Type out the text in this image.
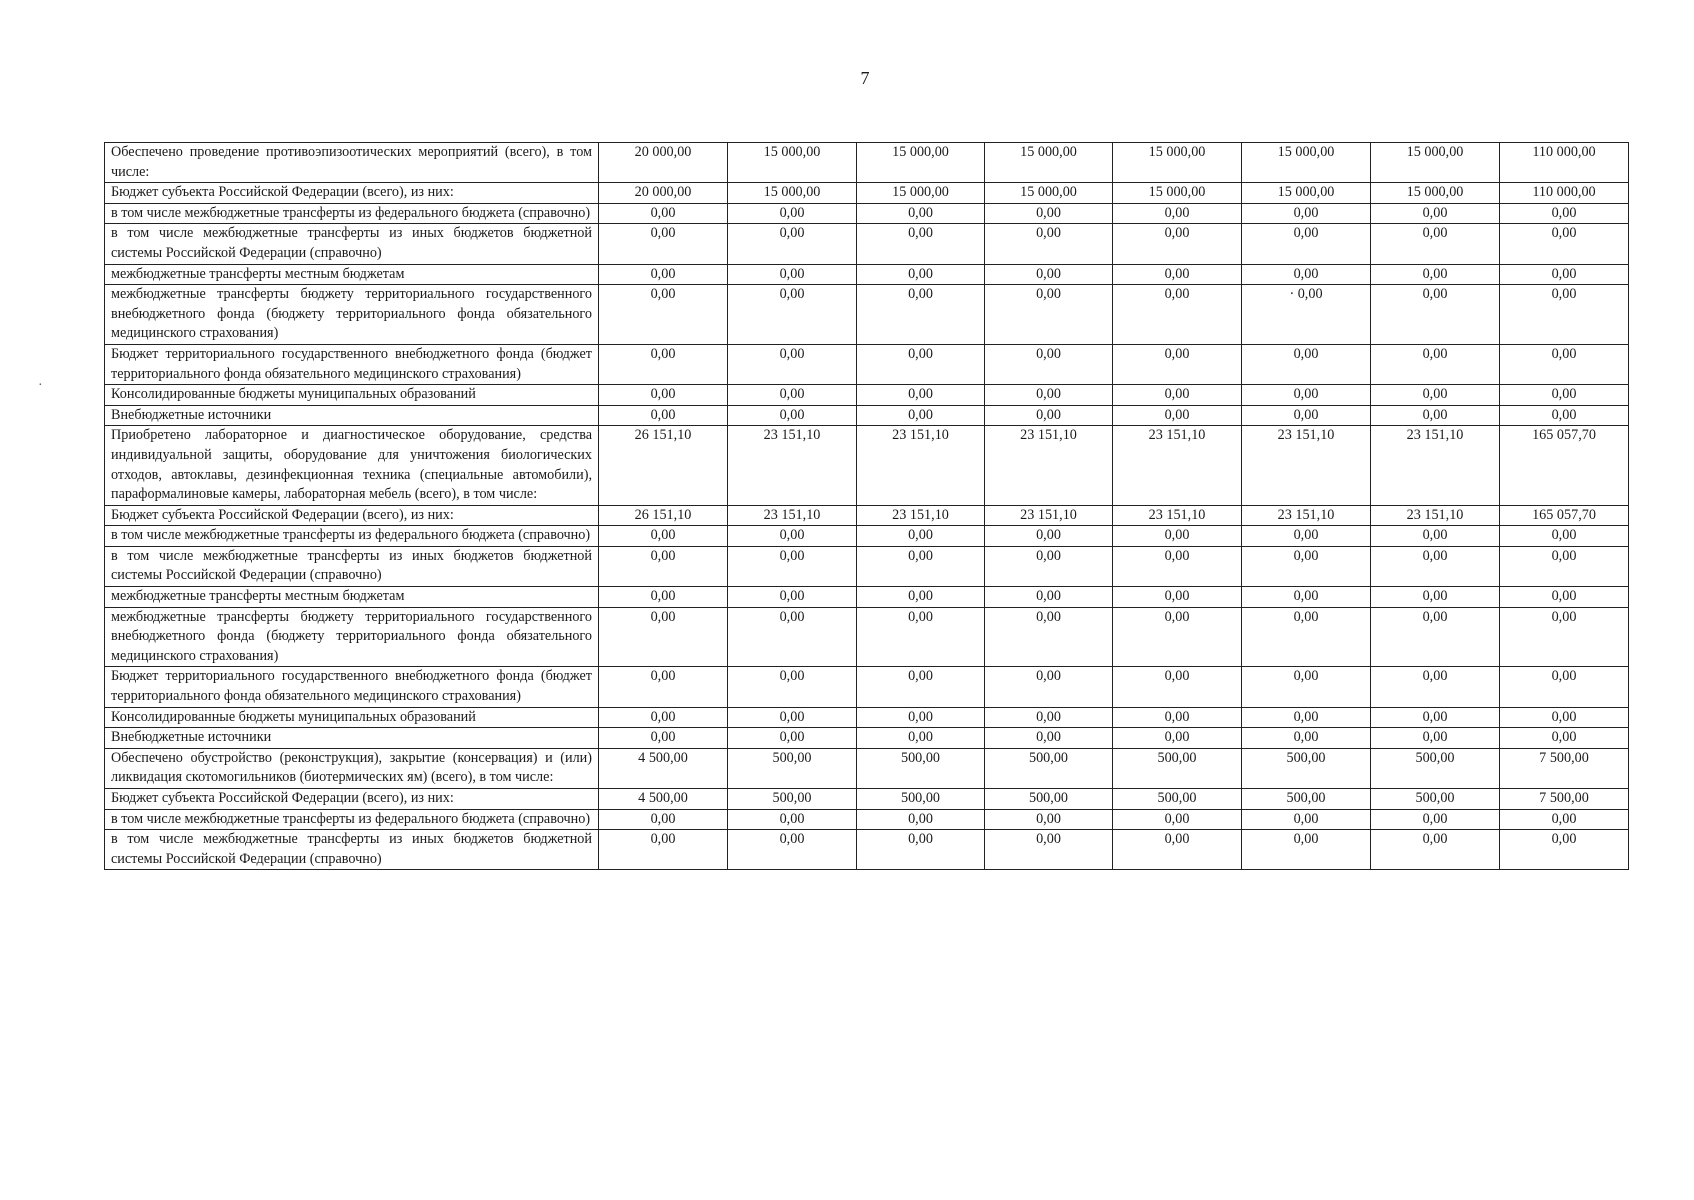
7
Обеспечено проведение противоэпизоотических мероприятий (всего), в том числе:	20 000,00	15 000,00	15 000,00	15 000,00	15 000,00	15 000,00	15 000,00	110 000,00
Бюджет субъекта Российской Федерации (всего), из них:	20 000,00	15 000,00	15 000,00	15 000,00	15 000,00	15 000,00	15 000,00	110 000,00
в том числе межбюджетные трансферты из федерального бюджета (справочно)	0,00	0,00	0,00	0,00	0,00	0,00	0,00	0,00
в том числе межбюджетные трансферты из иных бюджетов бюджетной системы Российской Федерации (справочно)	0,00	0,00	0,00	0,00	0,00	0,00	0,00	0,00
межбюджетные трансферты местным бюджетам	0,00	0,00	0,00	0,00	0,00	0,00	0,00	0,00
межбюджетные трансферты бюджету территориального государственного внебюджетного фонда (бюджету территориального фонда обязательного медицинского страхования)	0,00	0,00	0,00	0,00	0,00	· 0,00	0,00	0,00
Бюджет территориального государственного внебюджетного фонда (бюджет территориального фонда обязательного медицинского страхования)	0,00	0,00	0,00	0,00	0,00	0,00	0,00	0,00
Консолидированные бюджеты муниципальных образований	0,00	0,00	0,00	0,00	0,00	0,00	0,00	0,00
Внебюджетные источники	0,00	0,00	0,00	0,00	0,00	0,00	0,00	0,00
Приобретено лабораторное и диагностическое оборудование, средства индивидуальной защиты, оборудование для уничтожения биологических отходов, автоклавы, дезинфекционная техника (специальные автомобили), параформалиновые камеры, лабораторная мебель (всего), в том числе:	26 151,10	23 151,10	23 151,10	23 151,10	23 151,10	23 151,10	23 151,10	165 057,70
Бюджет субъекта Российской Федерации (всего), из них:	26 151,10	23 151,10	23 151,10	23 151,10	23 151,10	23 151,10	23 151,10	165 057,70
в том числе межбюджетные трансферты из федерального бюджета (справочно)	0,00	0,00	0,00	0,00	0,00	0,00	0,00	0,00
в том числе межбюджетные трансферты из иных бюджетов бюджетной системы Российской Федерации (справочно)	0,00	0,00	0,00	0,00	0,00	0,00	0,00	0,00
межбюджетные трансферты местным бюджетам	0,00	0,00	0,00	0,00	0,00	0,00	0,00	0,00
межбюджетные трансферты бюджету территориального государственного внебюджетного фонда (бюджету территориального фонда обязательного медицинского страхования)	0,00	0,00	0,00	0,00	0,00	0,00	0,00	0,00
Бюджет территориального государственного внебюджетного фонда (бюджет территориального фонда обязательного медицинского страхования)	0,00	0,00	0,00	0,00	0,00	0,00	0,00	0,00
Консолидированные бюджеты муниципальных образований	0,00	0,00	0,00	0,00	0,00	0,00	0,00	0,00
Внебюджетные источники	0,00	0,00	0,00	0,00	0,00	0,00	0,00	0,00
Обеспечено обустройство (реконструкция), закрытие (консервация) и (или) ликвидация скотомогильников (биотермических ям) (всего), в том числе:	4 500,00	500,00	500,00	500,00	500,00	500,00	500,00	7 500,00
Бюджет субъекта Российской Федерации (всего), из них:	4 500,00	500,00	500,00	500,00	500,00	500,00	500,00	7 500,00
в том числе межбюджетные трансферты из федерального бюджета (справочно)	0,00	0,00	0,00	0,00	0,00	0,00	0,00	0,00
в том числе межбюджетные трансферты из иных бюджетов бюджетной системы Российской Федерации (справочно)	0,00	0,00	0,00	0,00	0,00	0,00	0,00	0,00
·
